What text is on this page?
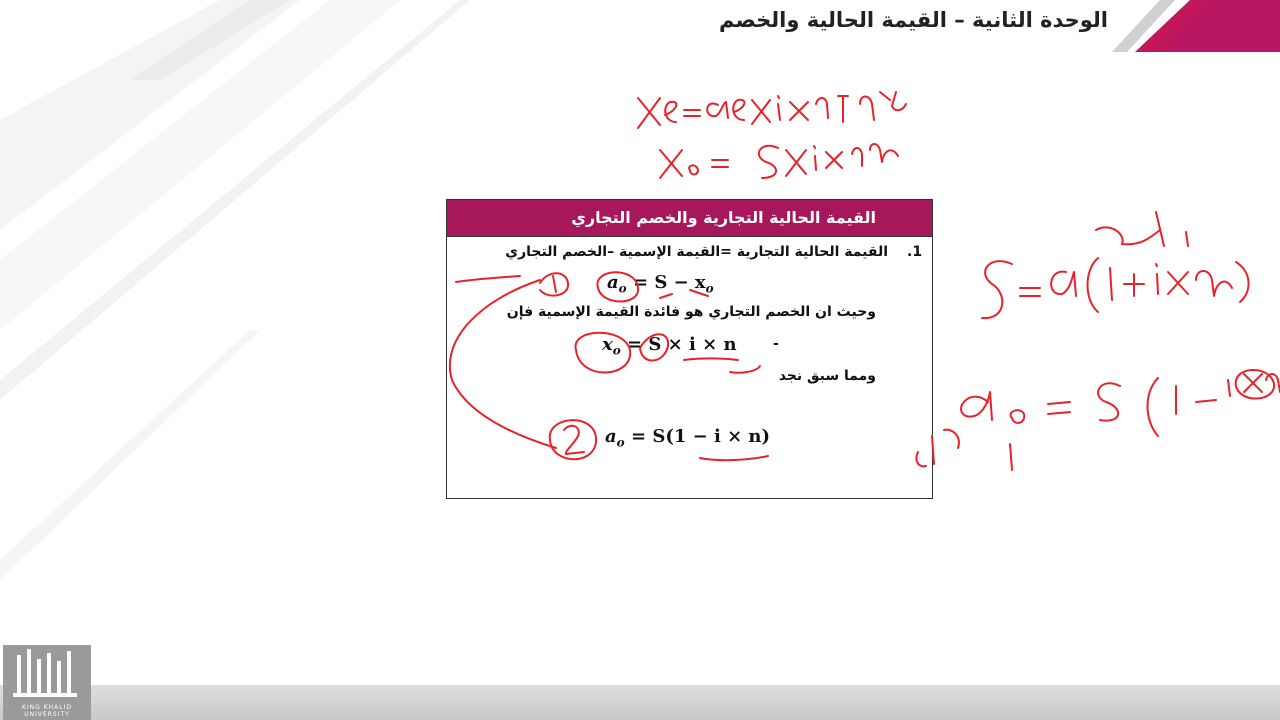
الوحدة الثانية – القيمة الحالية والخصم
القيمة الحالية التجارية والخصم التجاري
.1
القيمة الحالية التجارية =القيمة الإسمية –الخصم التجاري
$a_o = S - x_o$
وحيث ان الخصم التجاري هو فائدة القيمة الإسمية فإن
$x_o = S \times i \times n$	-
ومما سبق نجد
$a_o = S(1 - i \times n)$
KING KHALID UNIVERSITY
